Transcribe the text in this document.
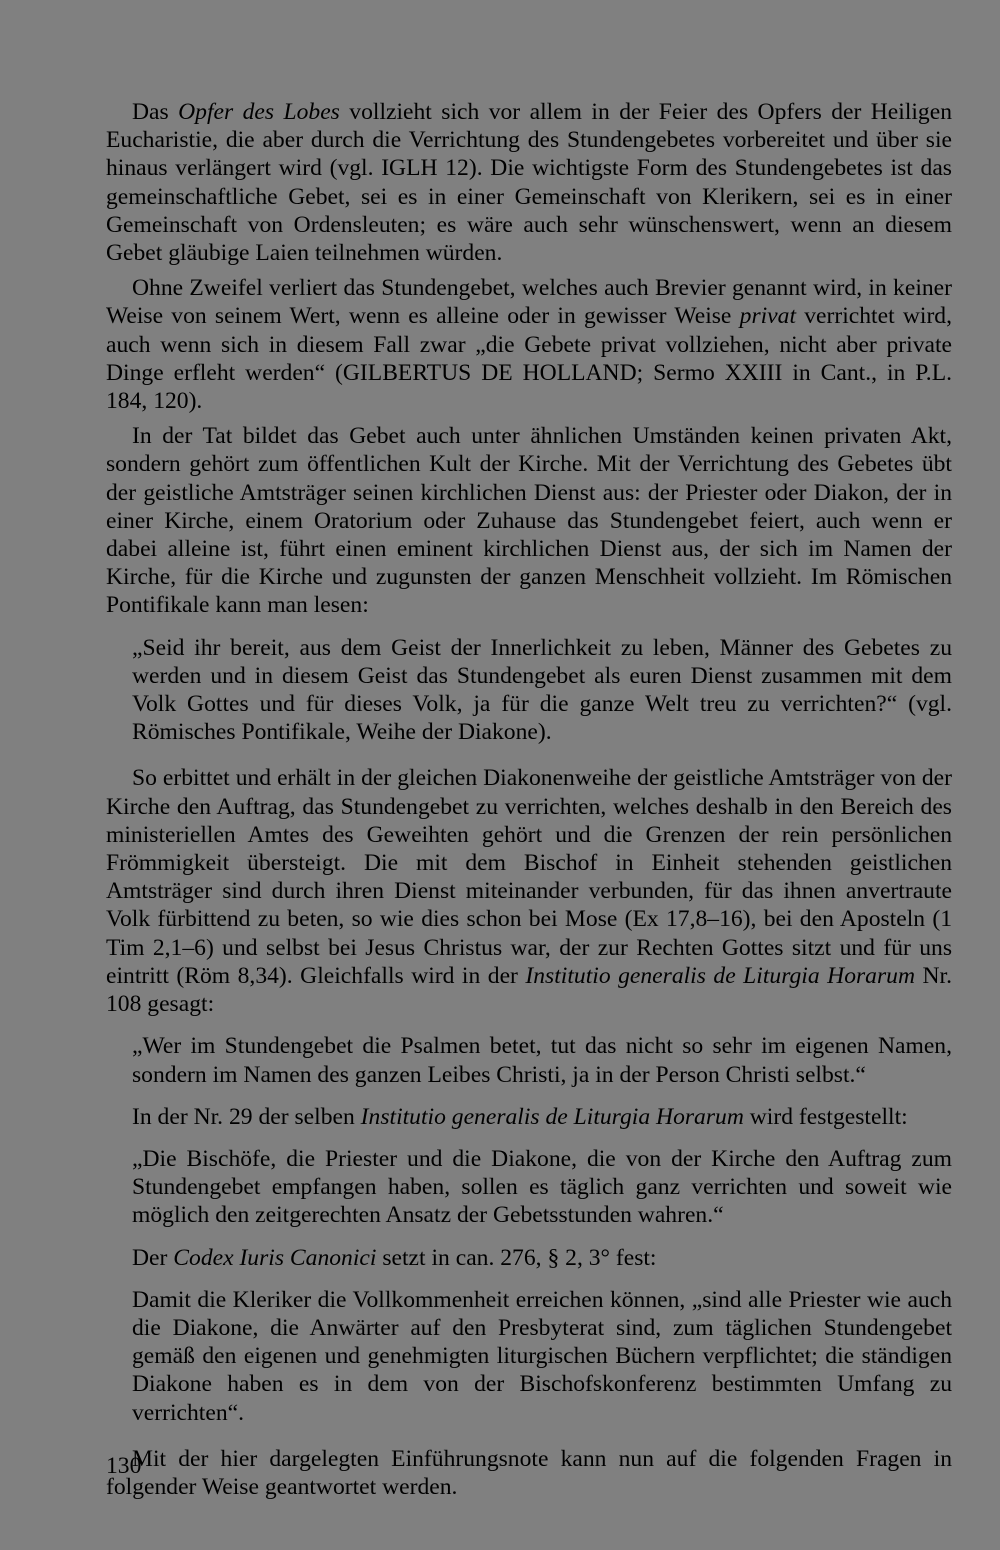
Das Opfer des Lobes vollzieht sich vor allem in der Feier des Opfers der Heiligen Eucharistie, die aber durch die Verrichtung des Stundengebetes vorbereitet und über sie hinaus verlängert wird (vgl. IGLH 12). Die wichtigste Form des Stundengebetes ist das gemeinschaftliche Gebet, sei es in einer Gemeinschaft von Klerikern, sei es in einer Gemeinschaft von Ordensleuten; es wäre auch sehr wünschenswert, wenn an diesem Gebet gläubige Laien teilnehmen würden.

Ohne Zweifel verliert das Stundengebet, welches auch Brevier genannt wird, in keiner Weise von seinem Wert, wenn es alleine oder in gewisser Weise privat verrichtet wird, auch wenn sich in diesem Fall zwar „die Gebete privat vollziehen, nicht aber private Dinge erfleht werden“ (GILBERTUS DE HOLLAND; Sermo XXIII in Cant., in P.L. 184, 120).

In der Tat bildet das Gebet auch unter ähnlichen Umständen keinen privaten Akt, sondern gehört zum öffentlichen Kult der Kirche. Mit der Verrichtung des Gebetes übt der geistliche Amtsträger seinen kirchlichen Dienst aus: der Priester oder Diakon, der in einer Kirche, einem Oratorium oder Zuhause das Stundengebet feiert, auch wenn er dabei alleine ist, führt einen eminent kirchlichen Dienst aus, der sich im Namen der Kirche, für die Kirche und zugunsten der ganzen Menschheit vollzieht. Im Römischen Pontifikale kann man lesen:

„Seid ihr bereit, aus dem Geist der Innerlichkeit zu leben, Männer des Gebetes zu werden und in diesem Geist das Stundengebet als euren Dienst zusammen mit dem Volk Gottes und für dieses Volk, ja für die ganze Welt treu zu verrichten?“ (vgl. Römisches Pontifikale, Weihe der Diakone).

So erbittet und erhält in der gleichen Diakonenweihe der geistliche Amtsträger von der Kirche den Auftrag, das Stundengebet zu verrichten, welches deshalb in den Bereich des ministeriellen Amtes des Geweihten gehört und die Grenzen der rein persönlichen Frömmigkeit übersteigt. Die mit dem Bischof in Einheit stehenden geistlichen Amtsträger sind durch ihren Dienst miteinander verbunden, für das ihnen anvertraute Volk fürbittend zu beten, so wie dies schon bei Mose (Ex 17,8–16), bei den Aposteln (1 Tim 2,1–6) und selbst bei Jesus Christus war, der zur Rechten Gottes sitzt und für uns eintritt (Röm 8,34). Gleichfalls wird in der Institutio generalis de Liturgia Horarum Nr. 108 gesagt:

„Wer im Stundengebet die Psalmen betet, tut das nicht so sehr im eigenen Namen, sondern im Namen des ganzen Leibes Christi, ja in der Person Christi selbst.“

In der Nr. 29 der selben Institutio generalis de Liturgia Horarum wird festgestellt:

„Die Bischöfe, die Priester und die Diakone, die von der Kirche den Auftrag zum Stundengebet empfangen haben, sollen es täglich ganz verrichten und soweit wie möglich den zeitgerechten Ansatz der Gebetsstunden wahren.“

Der Codex Iuris Canonici setzt in can. 276, § 2, 3° fest:

Damit die Kleriker die Vollkommenheit erreichen können, „sind alle Priester wie auch die Diakone, die Anwärter auf den Presbyterat sind, zum täglichen Stundengebet gemäß den eigenen und genehmigten liturgischen Büchern verpflichtet; die ständigen Diakone haben es in dem von der Bischofskonferenz bestimmten Umfang zu verrichten“.

Mit der hier dargelegten Einführungsnote kann nun auf die folgenden Fragen in folgender Weise geantwortet werden.

130
